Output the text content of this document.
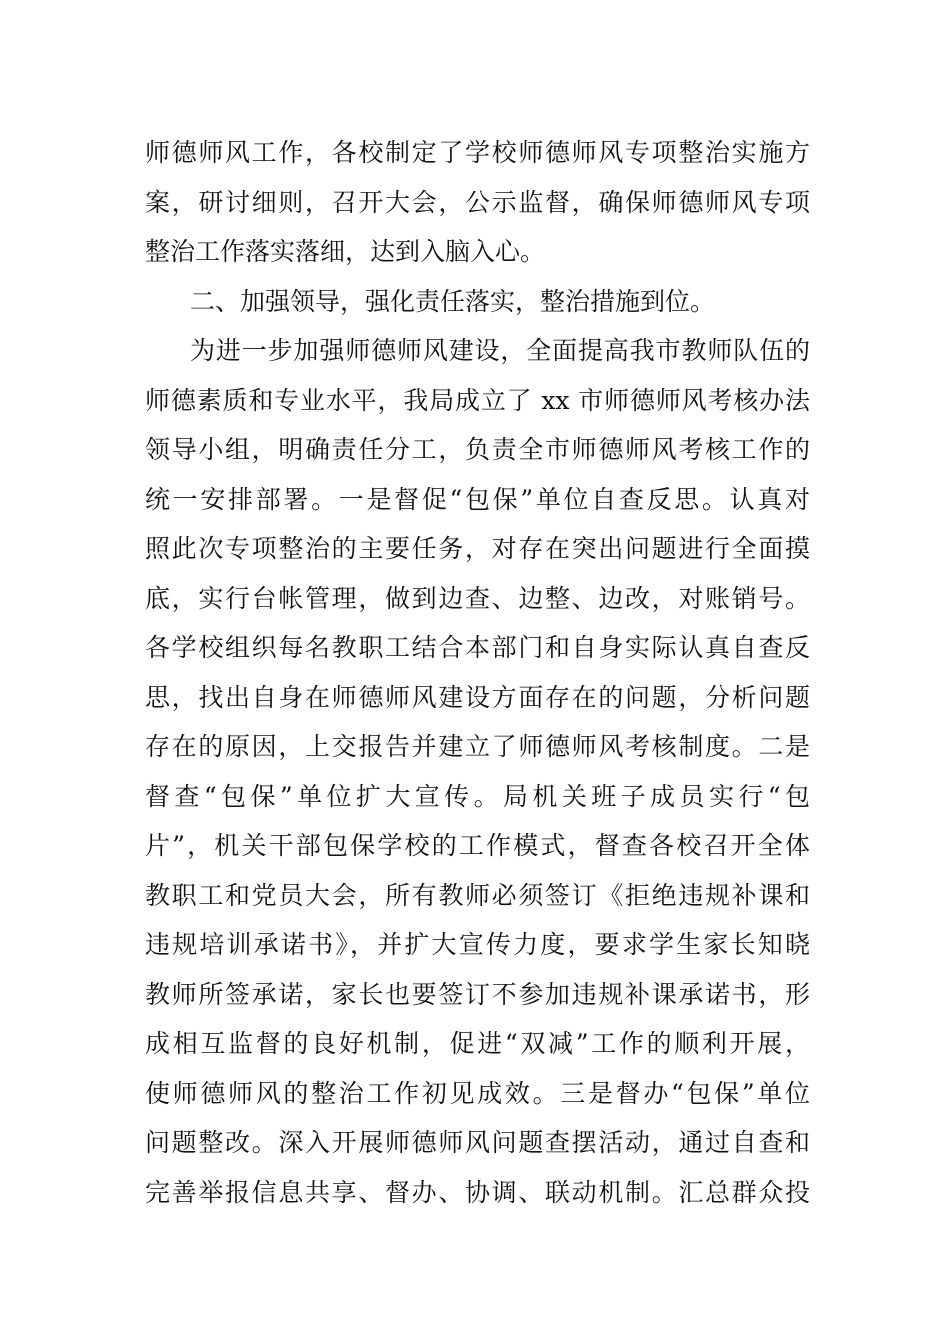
师德师风工作，各校制定了学校师德师风专项整治实施方
案，研讨细则，召开大会，公示监督，确保师德师风专项
整治工作落实落细，达到入脑入心。
二、加强领导，强化责任落实，整治措施到位。
为进一步加强师德师风建设，全面提高我市教师队伍的
师德素质和专业水平，我局成立了 xx 市师德师风考核办法
领导小组，明确责任分工，负责全市师德师风考核工作的
统一安排部署。一是督促“包保”单位自查反思。认真对
照此次专项整治的主要任务，对存在突出问题进行全面摸
底，实行台帐管理，做到边查、边整、边改，对账销号。
各学校组织每名教职工结合本部门和自身实际认真自查反
思，找出自身在师德师风建设方面存在的问题，分析问题
存在的原因，上交报告并建立了师德师风考核制度。二是
督查“包保”单位扩大宣传。局机关班子成员实行“包
片”，机关干部包保学校的工作模式，督查各校召开全体
教职工和党员大会，所有教师必须签订《拒绝违规补课和
违规培训承诺书》，并扩大宣传力度，要求学生家长知晓
教师所签承诺，家长也要签订不参加违规补课承诺书，形
成相互监督的良好机制，促进“双减”工作的顺利开展，
使师德师风的整治工作初见成效。三是督办“包保”单位
问题整改。深入开展师德师风问题查摆活动，通过自查和
完善举报信息共享、督办、协调、联动机制。汇总群众投
